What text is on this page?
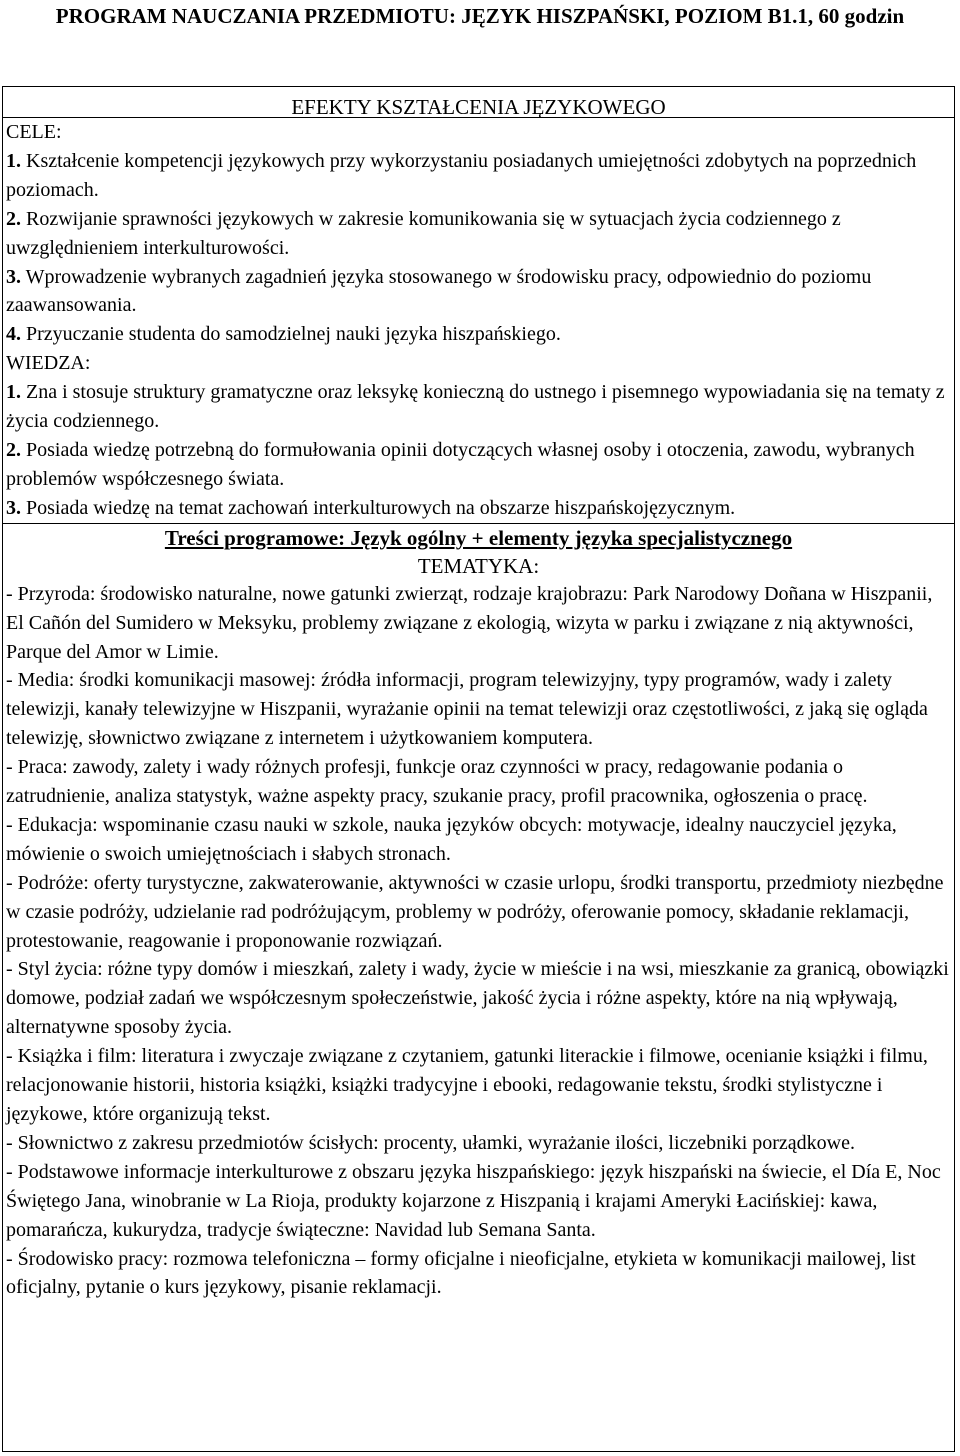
PROGRAM NAUCZANIA PRZEDMIOTU: JĘZYK HISZPAŃSKI, POZIOM B1.1, 60 godzin
EFEKTY KSZTAŁCENIA JĘZYKOWEGO
CELE:
1. Kształcenie kompetencji językowych przy wykorzystaniu posiadanych umiejętności zdobytych na poprzednich poziomach.
2. Rozwijanie sprawności językowych w zakresie komunikowania się w sytuacjach życia codziennego z uwzględnieniem interkulturowości.
3. Wprowadzenie wybranych zagadnień języka stosowanego w środowisku pracy, odpowiednio do poziomu zaawansowania.
4. Przyuczanie studenta do samodzielnej nauki języka hiszpańskiego.
WIEDZA:
1. Zna i stosuje struktury gramatyczne oraz leksykę konieczną do ustnego i pisemnego wypowiadania się na tematy z życia codziennego.
2. Posiada wiedzę potrzebną do formułowania opinii dotyczących własnej osoby i otoczenia, zawodu, wybranych problemów współczesnego świata.
3. Posiada wiedzę na temat zachowań interkulturowych na obszarze hiszpańskojęzycznym.
Treści programowe: Język ogólny + elementy języka specjalistycznego
TEMATYKA:
- Przyroda: środowisko naturalne, nowe gatunki zwierząt, rodzaje krajobrazu: Park Narodowy Doñana w Hiszpanii, El Cañón del Sumidero w Meksyku, problemy związane z ekologią, wizyta w parku i związane z nią aktywności, Parque del Amor w Limie.
- Media: środki komunikacji masowej: źródła informacji, program telewizyjny, typy programów, wady i zalety telewizji, kanały telewizyjne w Hiszpanii, wyrażanie opinii na temat telewizji oraz częstotliwości, z jaką się ogląda telewizję, słownictwo związane z internetem i użytkowaniem komputera.
- Praca: zawody, zalety i wady różnych profesji, funkcje oraz czynności w pracy, redagowanie podania o zatrudnienie, analiza statystyk, ważne aspekty pracy, szukanie pracy, profil pracownika, ogłoszenia o pracę.
- Edukacja: wspominanie czasu nauki w szkole, nauka języków obcych: motywacje, idealny nauczyciel języka, mówienie o swoich umiejętnościach i słabych stronach.
- Podróże: oferty turystyczne, zakwaterowanie, aktywności w czasie urlopu, środki transportu, przedmioty niezbędne w czasie podróży, udzielanie rad podróżującym, problemy w podróży, oferowanie pomocy, składanie reklamacji, protestowanie, reagowanie i proponowanie rozwiązań.
- Styl życia: różne typy domów i mieszkań, zalety i wady, życie w mieście i na wsi, mieszkanie za granicą, obowiązki domowe, podział zadań we współczesnym społeczeństwie, jakość życia i różne aspekty, które na nią wpływają, alternatywne sposoby życia.
- Książka i film: literatura i zwyczaje związane z czytaniem, gatunki literackie i filmowe, ocenianie książki i filmu, relacjonowanie historii, historia książki, książki tradycyjne i ebooki, redagowanie tekstu, środki stylistyczne i językowe, które organizują tekst.
- Słownictwo z zakresu przedmiotów ścisłych: procenty, ułamki, wyrażanie ilości, liczebniki porządkowe.
- Podstawowe informacje interkulturowe z obszaru języka hiszpańskiego: język hiszpański na świecie, el Día E, Noc Świętego Jana, winobranie w La Rioja, produkty kojarzone z Hiszpanią i krajami Ameryki Łacińskiej: kawa, pomarańcza, kukurydza, tradycje świąteczne: Navidad lub Semana Santa.
- Środowisko pracy: rozmowa telefoniczna – formy oficjalne i nieoficjalne, etykieta w komunikacji mailowej, list oficjalny, pytanie o kurs językowy, pisanie reklamacji.
